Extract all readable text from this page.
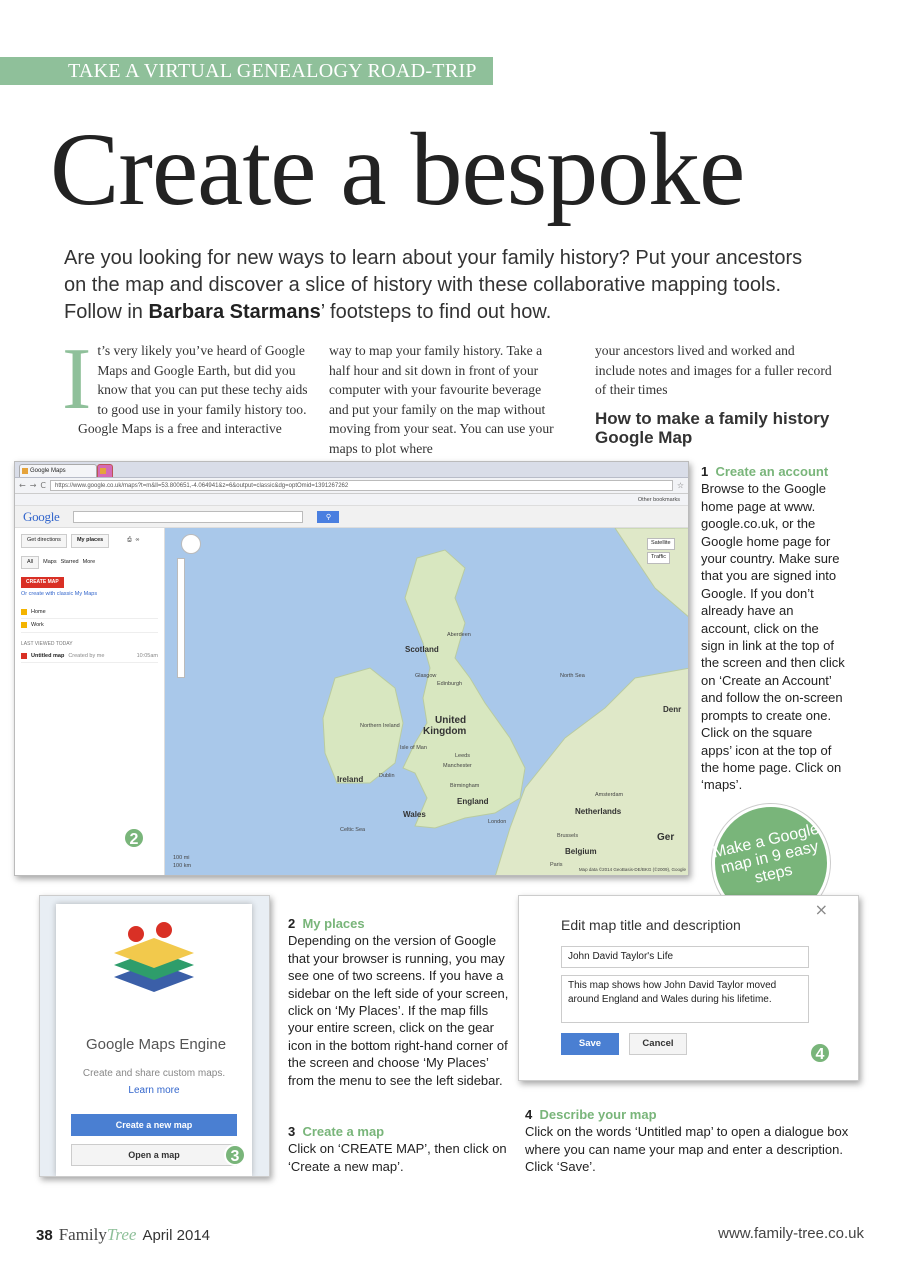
TAKE A VIRTUAL GENEALOGY ROAD-TRIP
Create a bespoke

Are you looking for new ways to learn about your family history? Put your ancestors on the map and discover a slice of history with these collaborative mapping tools. Follow in Barbara Starmans’ footsteps to find out how.

I t’s very likely you’ve heard of Google Maps and Google Earth, but did you know that you can put these techy aids to good use in your family history too.

Google Maps is a free and interactive

way to map your family history. Take a half hour and sit down in front of your computer with your favourite beverage and put your family on the map without moving from your seat. You can use your maps to plot where

your ancestors lived and worked and include notes and images for a fuller record of their times

How to make a family history Google Map
Google Maps
← → C	https://www.google.co.uk/maps?t=m&ll=53.800651,-4.064941&z=6&output=classic&dg=optOmid=1391267262	☆
Other bookmarks
Google	⚲
Get directions	My places	⎙ ∞
All	Maps Starred More
CREATE MAP
Or create with classic My Maps
Home
Work
LAST VIEWED TODAY
Untitled map Created by me	10:05am
Satellite
Traffic
Scotland
Aberdeen
Glasgow
Edinburgh
North Sea
United
Kingdom
Northern Ireland
Isle of Man
Leeds
Manchester
Ireland	Dublin
Birmingham
Wales
England
London
Amsterdam
Netherlands
Brussels
Belgium
Paris
Ger
Denr
Celtic Sea
100 mi
100 km
Map data ©2014 GeoBasis-DE/BKG (©2009), Google
2
1 Create an account
Browse to the Google home page at www. google.co.uk, or the Google home page for your country. Make sure that you are signed into Google. If you don’t already have an account, click on the sign in link at the top of the screen and then click on ‘Create an Account’ and follow the on-screen prompts to create one. Click on the square apps’ icon at the top of the home page. Click on ‘maps’.
Make a Google map in 9 easy steps
Google Maps Engine
Create and share custom maps.
Learn more
Create a new map
Open a map	3
2 My places
Depending on the version of Google that your browser is running, you may see one of two screens. If you have a sidebar on the left side of your screen, click on ‘My Places’. If the map fills your entire screen, click on the gear icon in the bottom right-hand corner of the screen and choose ‘My Places’ from the menu to see the left sidebar.
3 Create a map
Click on ‘CREATE MAP’, then click on ‘Create a new map’.
Edit map title and description
×
John David Taylor's Life
This map shows how John David Taylor moved around England and Wales during his lifetime.
Save	Cancel
4
4 Describe your map
Click on the words ‘Untitled map’ to open a dialogue box where you can name your map and enter a description. Click ‘Save’.
38 FamilyTree April 2014	www.family-tree.co.uk
